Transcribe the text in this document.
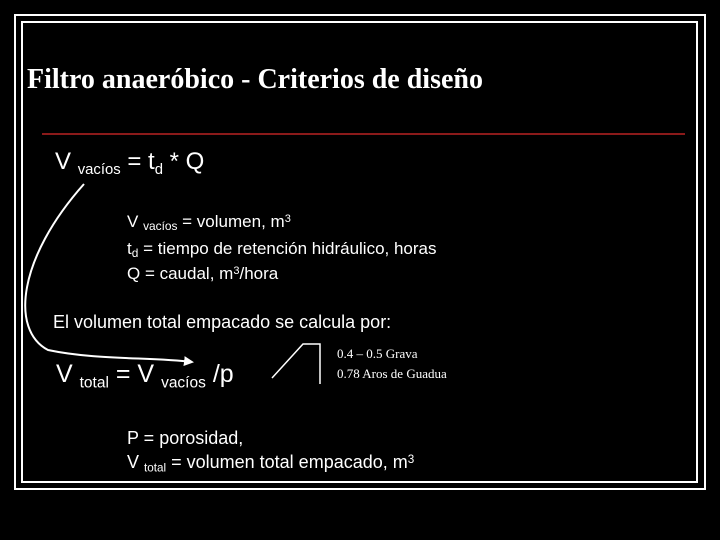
Filtro anaeróbico - Criterios de diseño
V $_{vacíos} = t_d * Q$
V $_{vacíos}$ = volumen, $m^3$
$t_d$ = tiempo de retención hidráulico, horas
Q = caudal, $m^3$/hora
El volumen total empacado se calcula por:
V $_{total}$ = V $_{vacíos}$ /p
0.4 – 0.5 Grava
0.78 Aros de Guadua
P = porosidad,
V $_{total}$ = volumen total empacado, $m^3$
